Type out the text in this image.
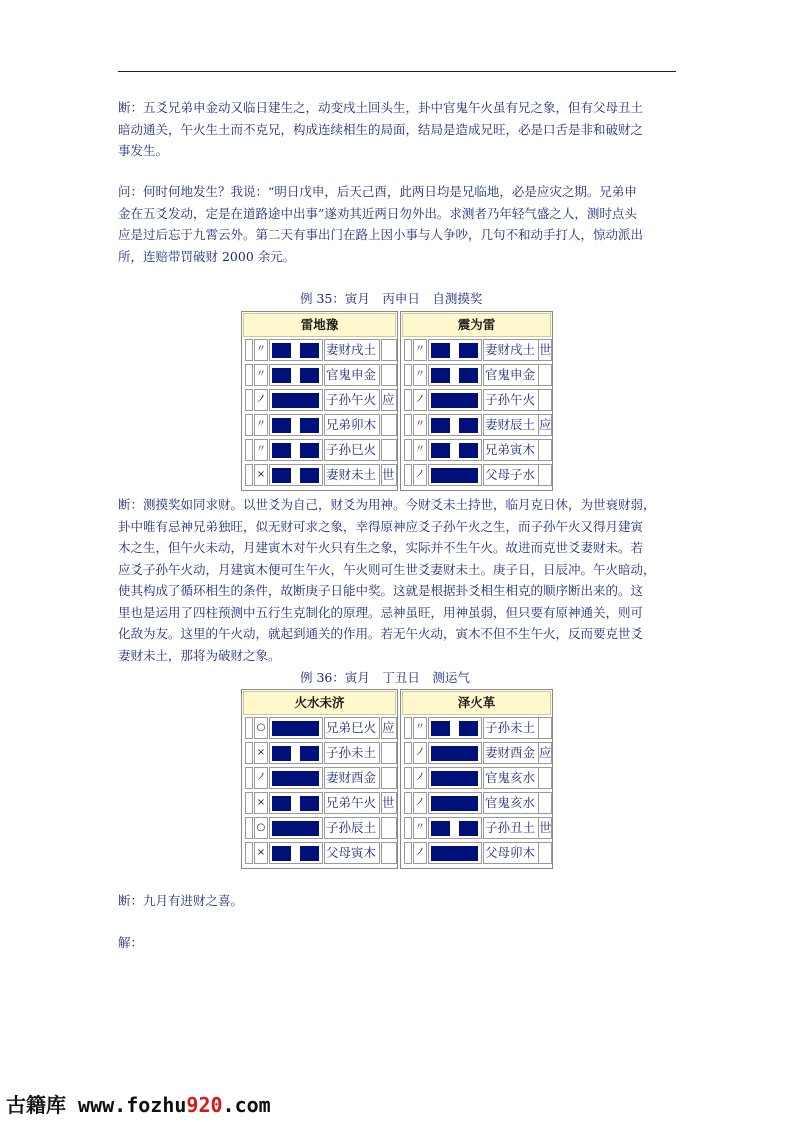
断：五爻兄弟申金动又临日建生之，动变戌土回头生，卦中官鬼午火虽有兄之象，但有父母丑土
暗动通关，午火生土而不克兄，构成连续相生的局面，结局是造成兄旺，必是口舌是非和破财之
事发生。
问：何时何地发生？我说：“明日戊申，后天己酉，此两日均是兄临地，必是应灾之期。兄弟申
金在五爻发动，定是在道路途中出事”遂劝其近两日勿外出。求测者乃年轻气盛之人，测时点头
应是过后忘于九霄云外。第二天有事出门在路上因小事与人争吵，几句不和动手打人，惊动派出
所，连赔带罚破财 2000 余元。
例 35：寅月　丙申日　自测摸奖
雷地豫
〃	妻财戌土
〃	官鬼申金
ノ	子孙午火 应
〃	兄弟卯木
〃	子孙巳火
×	妻财未土 世
震为雷
〃	妻财戌土 世
〃	官鬼申金
ノ	子孙午火
〃	妻财辰土 应
〃	兄弟寅木
ノ	父母子水
断：测摸奖如同求财。以世爻为自己，财爻为用神。今财爻未土持世，临月克日休，为世衰财弱，
卦中唯有忌神兄弟独旺，似无财可求之象，幸得原神应爻子孙午火之生，而子孙午火又得月建寅
木之生，但午火未动，月建寅木对午火只有生之象，实际并不生午火。故进而克世爻妻财未。若
应爻子孙午火动，月建寅木便可生午火，午火则可生世爻妻财未土。庚子日，日辰冲。午火暗动，
使其构成了循环相生的条件，故断庚子日能中奖。这就是根据卦爻相生相克的顺序断出来的。这
里也是运用了四柱预测中五行生克制化的原理。忌神虽旺，用神虽弱，但只要有原神通关，则可
化敌为友。这里的午火动，就起到通关的作用。若无午火动，寅木不但不生午火，反而要克世爻
妻财未土，那将为破财之象。
例 36：寅月　丁丑日　测运气
火水未济
○	兄弟巳火 应
×	子孙未土
ノ	妻财酉金
×	兄弟午火 世
○	子孙辰土
×	父母寅木
泽火革
〃	子孙未土
ノ	妻财酉金 应
ノ	官鬼亥水
ノ	官鬼亥水
〃	子孙丑土 世
ノ	父母卯木
断：九月有进财之喜。
解：
古籍库 www.fozhu920.com
